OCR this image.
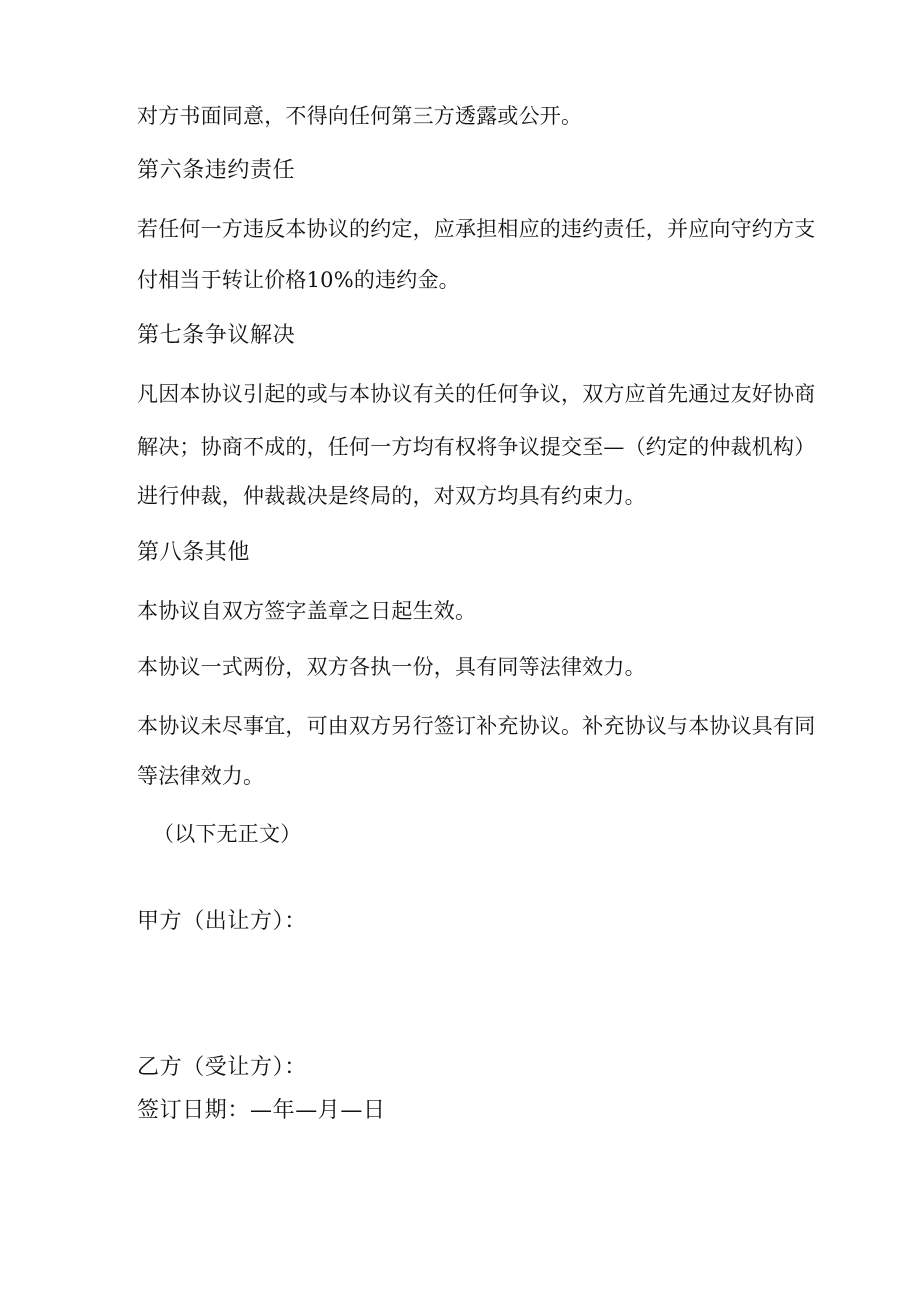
对方书面同意，不得向任何第三方透露或公开。
第六条违约责任
若任何一方违反本协议的约定，应承担相应的违约责任，并应向守约方支
付相当于转让价格10%的违约金。
第七条争议解决
凡因本协议引起的或与本协议有关的任何争议，双方应首先通过友好协商
解决；协商不成的，任何一方均有权将争议提交至—（约定的仲裁机构）
进行仲裁，仲裁裁决是终局的，对双方均具有约束力。
第八条其他
本协议自双方签字盖章之日起生效。
本协议一式两份，双方各执一份，具有同等法律效力。
本协议未尽事宜，可由双方另行签订补充协议。补充协议与本协议具有同
等法律效力。
（以下无正文）
甲方（出让方）：
乙方（受让方）：
签订日期：—年—月—日
